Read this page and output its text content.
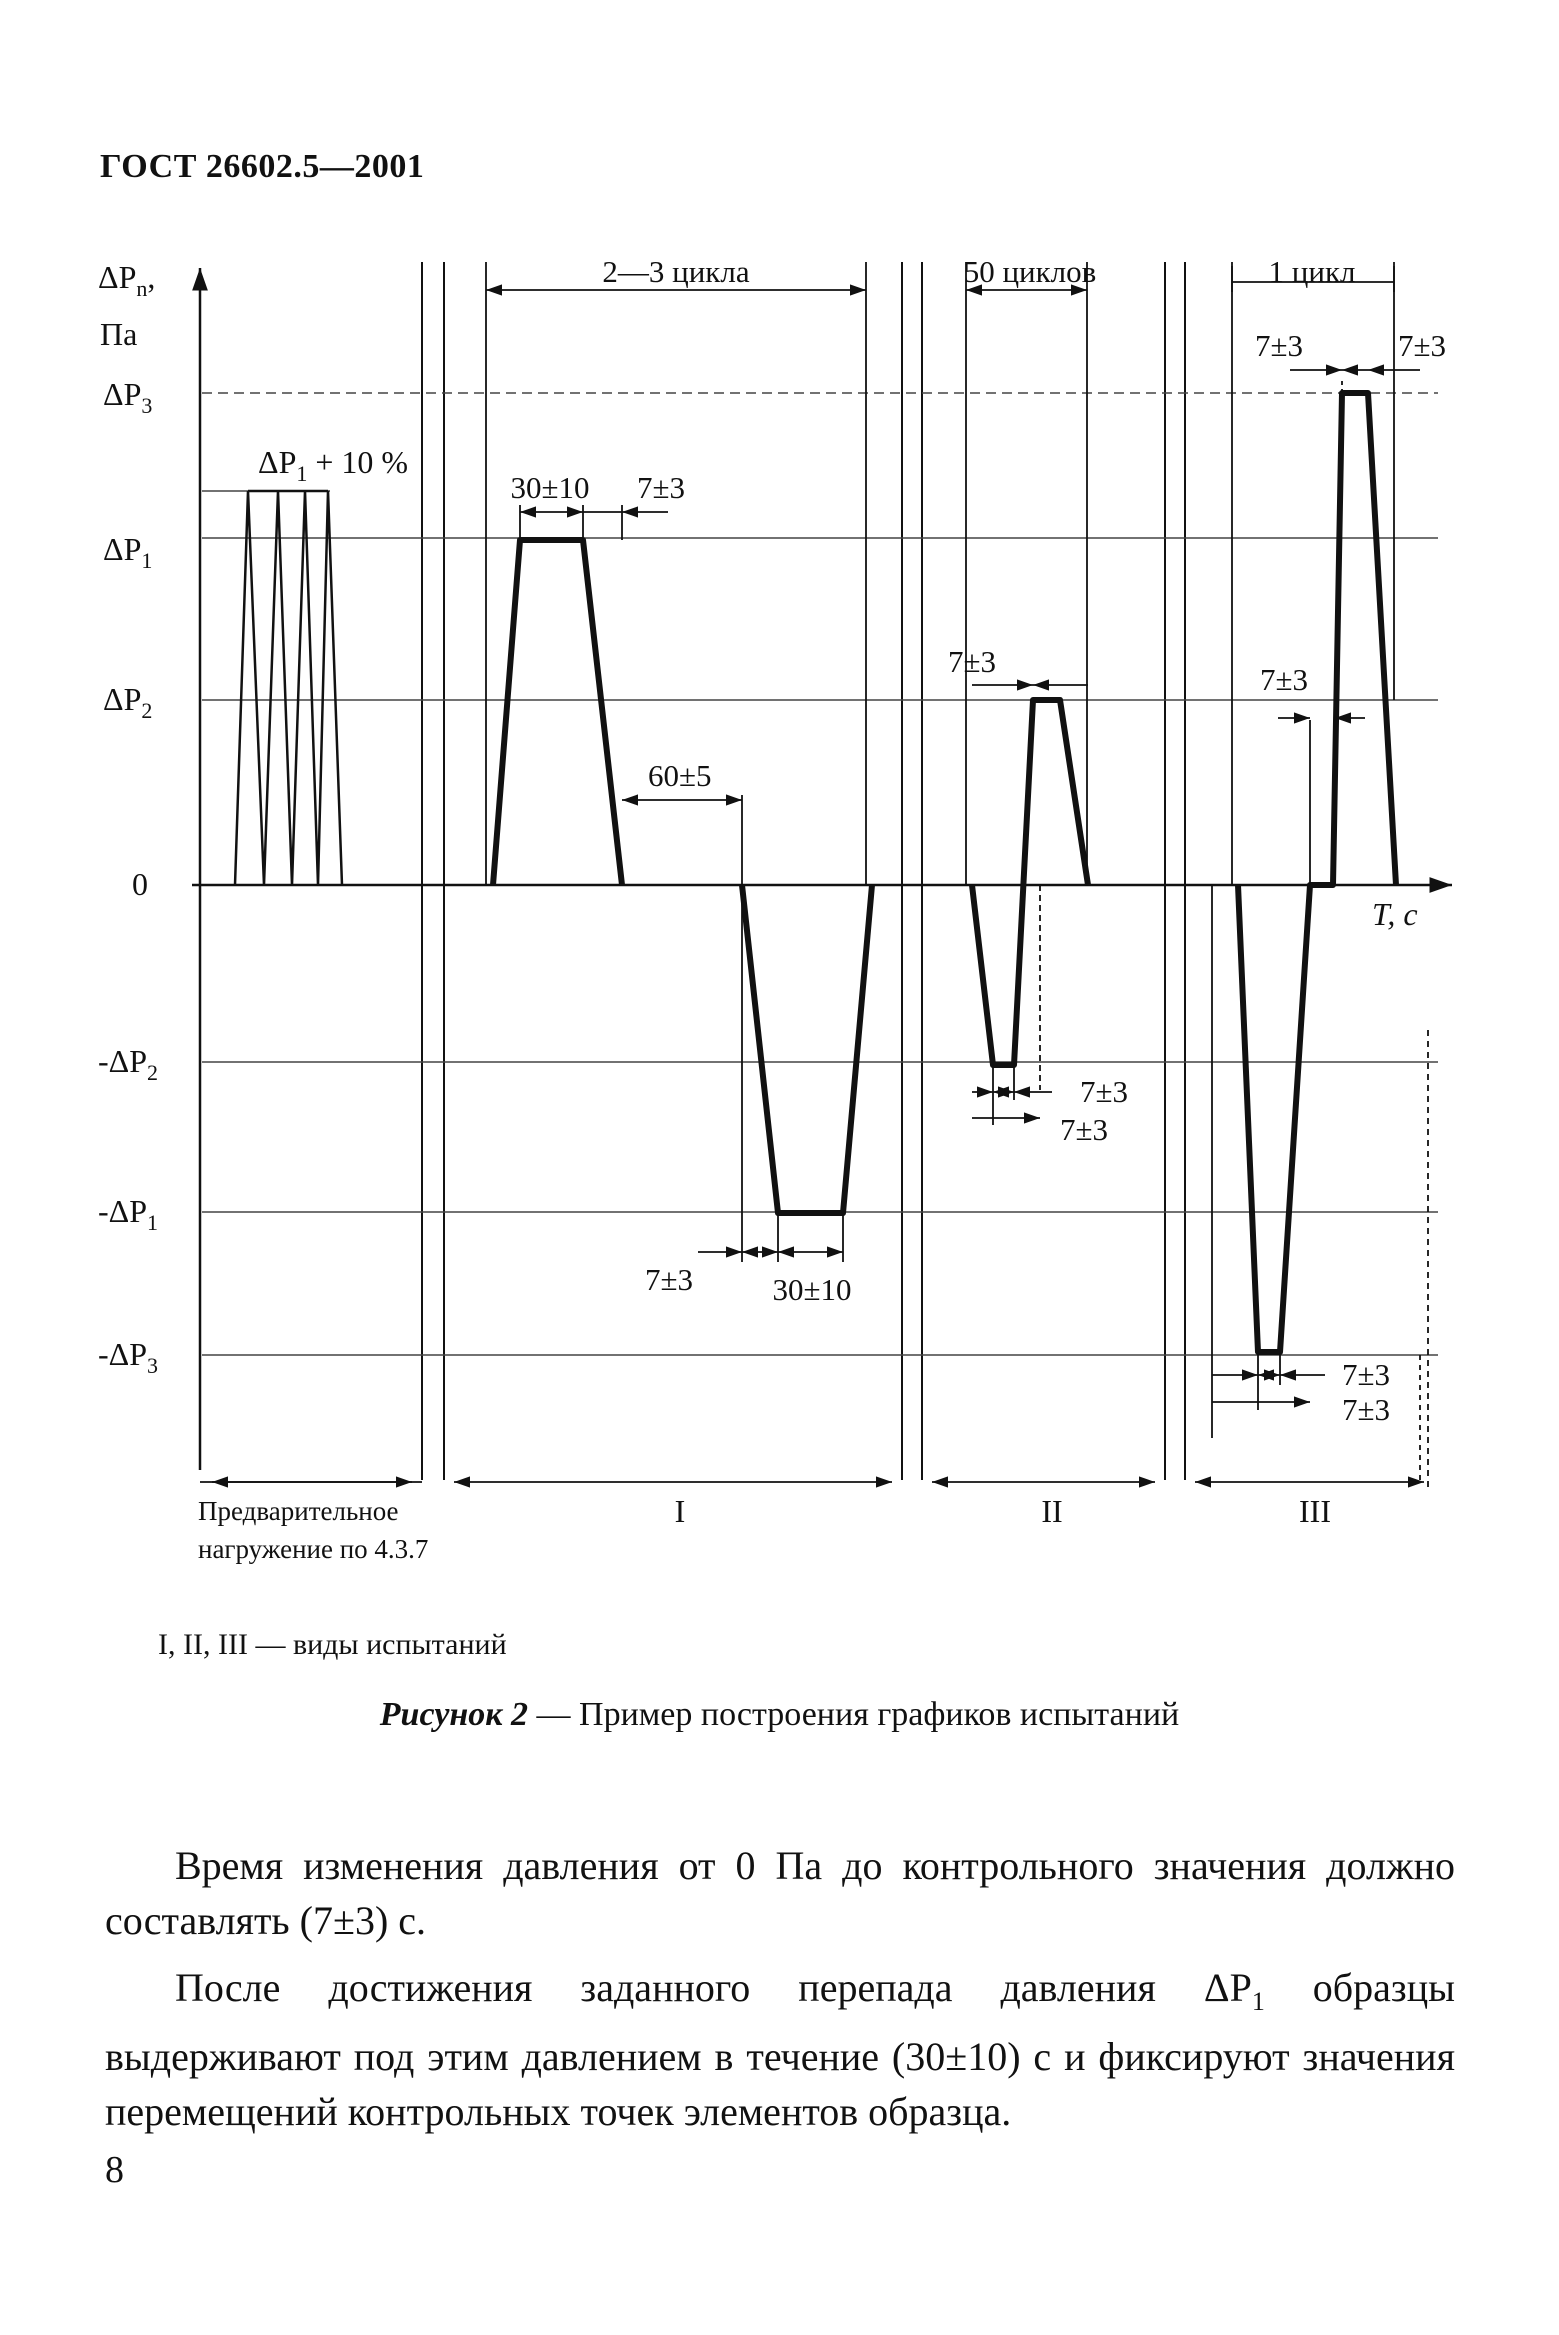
ГОСТ 26602.5—2001
$\Delta P_n$,
Па
$\Delta P_3$
$\Delta P_1$
$\Delta P_2$
0
$-\Delta P_2$
$-\Delta P_1$
$-\Delta P_3$
T, c
$\Delta P_1 + 10$ %
2—3 цикла	50 циклов	1 цикл
30±10 7±3
60±5
7±3	30±10
7±3
7±3
7±3
7±3	7±3
7±3
7±3
7±3
Предварительное
нагружение по 4.3.7
I	II	III
I, II, III — виды испытаний
Рисунок 2 — Пример построения графиков испытаний

Время изменения давления от 0 Па до контрольного значения должно составлять (7±3) с.

После достижения заданного перепада давления $\Delta P_1$ образцы выдерживают под этим давлением в течение (30±10) с и фиксируют значения перемещений контрольных точек элементов образца.

8
